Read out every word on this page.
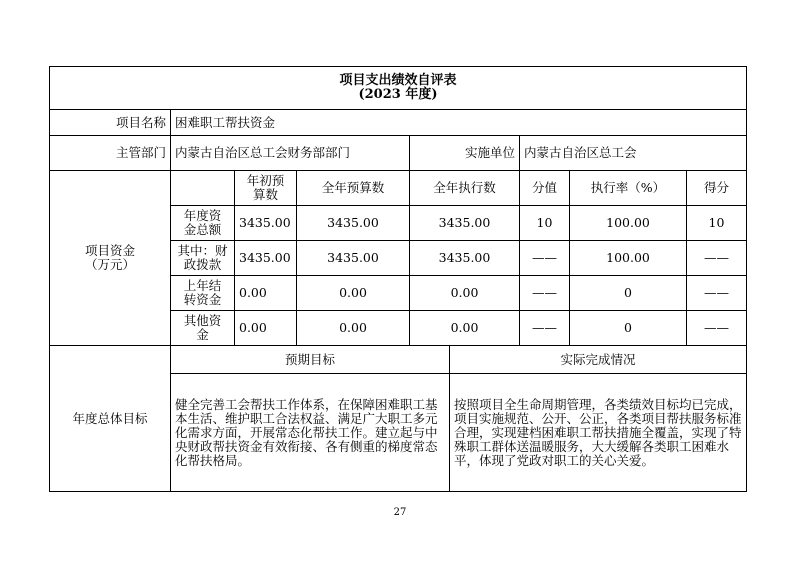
项目支出绩效自评表
(2023 年度)								

项目名称	困难职工帮扶资金							
主管部门	内蒙古自治区总工会财务部部门			实施单位		内蒙古自治区总工会		
项目资金
（万元）		年初预
算数	全年预算数	全年执行数		分值	执行率（%）	得分
	年度资
金总额	3435.00	3435.00	3435.00		10	100.00	10
	其中：财
政拨款	3435.00	3435.00	3435.00		——	100.00	——
	上年结
转资金	0.00	0.00	0.00		——	0	——
	其他资
金	0.00	0.00	0.00		——	0	——
年度总体目标	预期目标				实际完成情况			
	健全完善工会帮扶工作体系，在保障困难职工基本生活、维护职工合法权益、满足广大职工多元化需求方面，开展常态化帮扶工作。建立起与中央财政帮扶资金有效衔接、各有侧重的梯度常态化帮扶格局。				按照项目全生命周期管理，各类绩效目标均已完成，项目实施规范、公开、公正，各类项目帮扶服务标准合理，实现建档困难职工帮扶措施全覆盖，实现了特殊职工群体送温暖服务，大大缓解各类职工困难水平，体现了党政对职工的关心关爱。			
27
